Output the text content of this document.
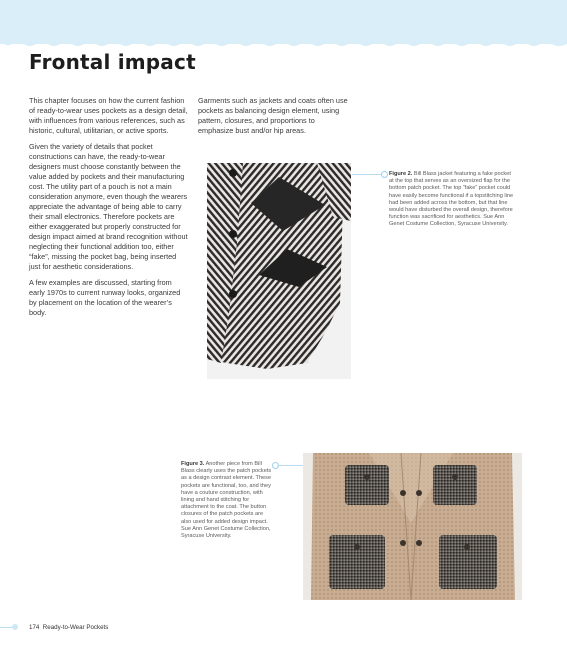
Frontal impact

This chapter focuses on how the current fashion of ready-to-wear uses pockets as a design detail, with influences from various references, such as historic, cultural, utilitarian, or active sports.

Given the variety of details that pocket constructions can have, the ready-to-wear designers must choose constantly between the value added by pockets and their manufacturing cost. The utility part of a pouch is not a main consideration anymore, even though the wearers appreciate the advantage of being able to carry their small electronics. Therefore pockets are either exaggerated but properly constructed for design impact aimed at brand recognition without neglecting their functional addition too, either “fake”, missing the pocket bag, being inserted just for aesthetic considerations.

A few examples are discussed, starting from early 1970s to current runway looks, organized by placement on the location of the wearer’s body.

Garments such as jackets and coats often use pockets as balancing design element, using pattern, closures, and proportions to emphasize bust and/or hip areas.

Figure 2. Bill Blass jacket featuring a fake pocket at the top that serves as an oversized flap for the bottom patch pocket. The top “fake” pocket could have easily become functional if a topstitching line had been added across the bottom, but that line would have disturbed the overall design, therefore function was sacrificed for aesthetics. Sue Ann Genet Costume Collection, Syracuse University.
Figure 3. Another piece from Bill Blass clearly uses the patch pockets as a design contrast element. These pockets are functional, too, and they have a couture construction, with lining and hand stitching for attachment to the coat. The button closures of the patch pockets are also used for added design impact. Sue Ann Genet Costume Collection, Syracuse University.
174 Ready-to-Wear Pockets
